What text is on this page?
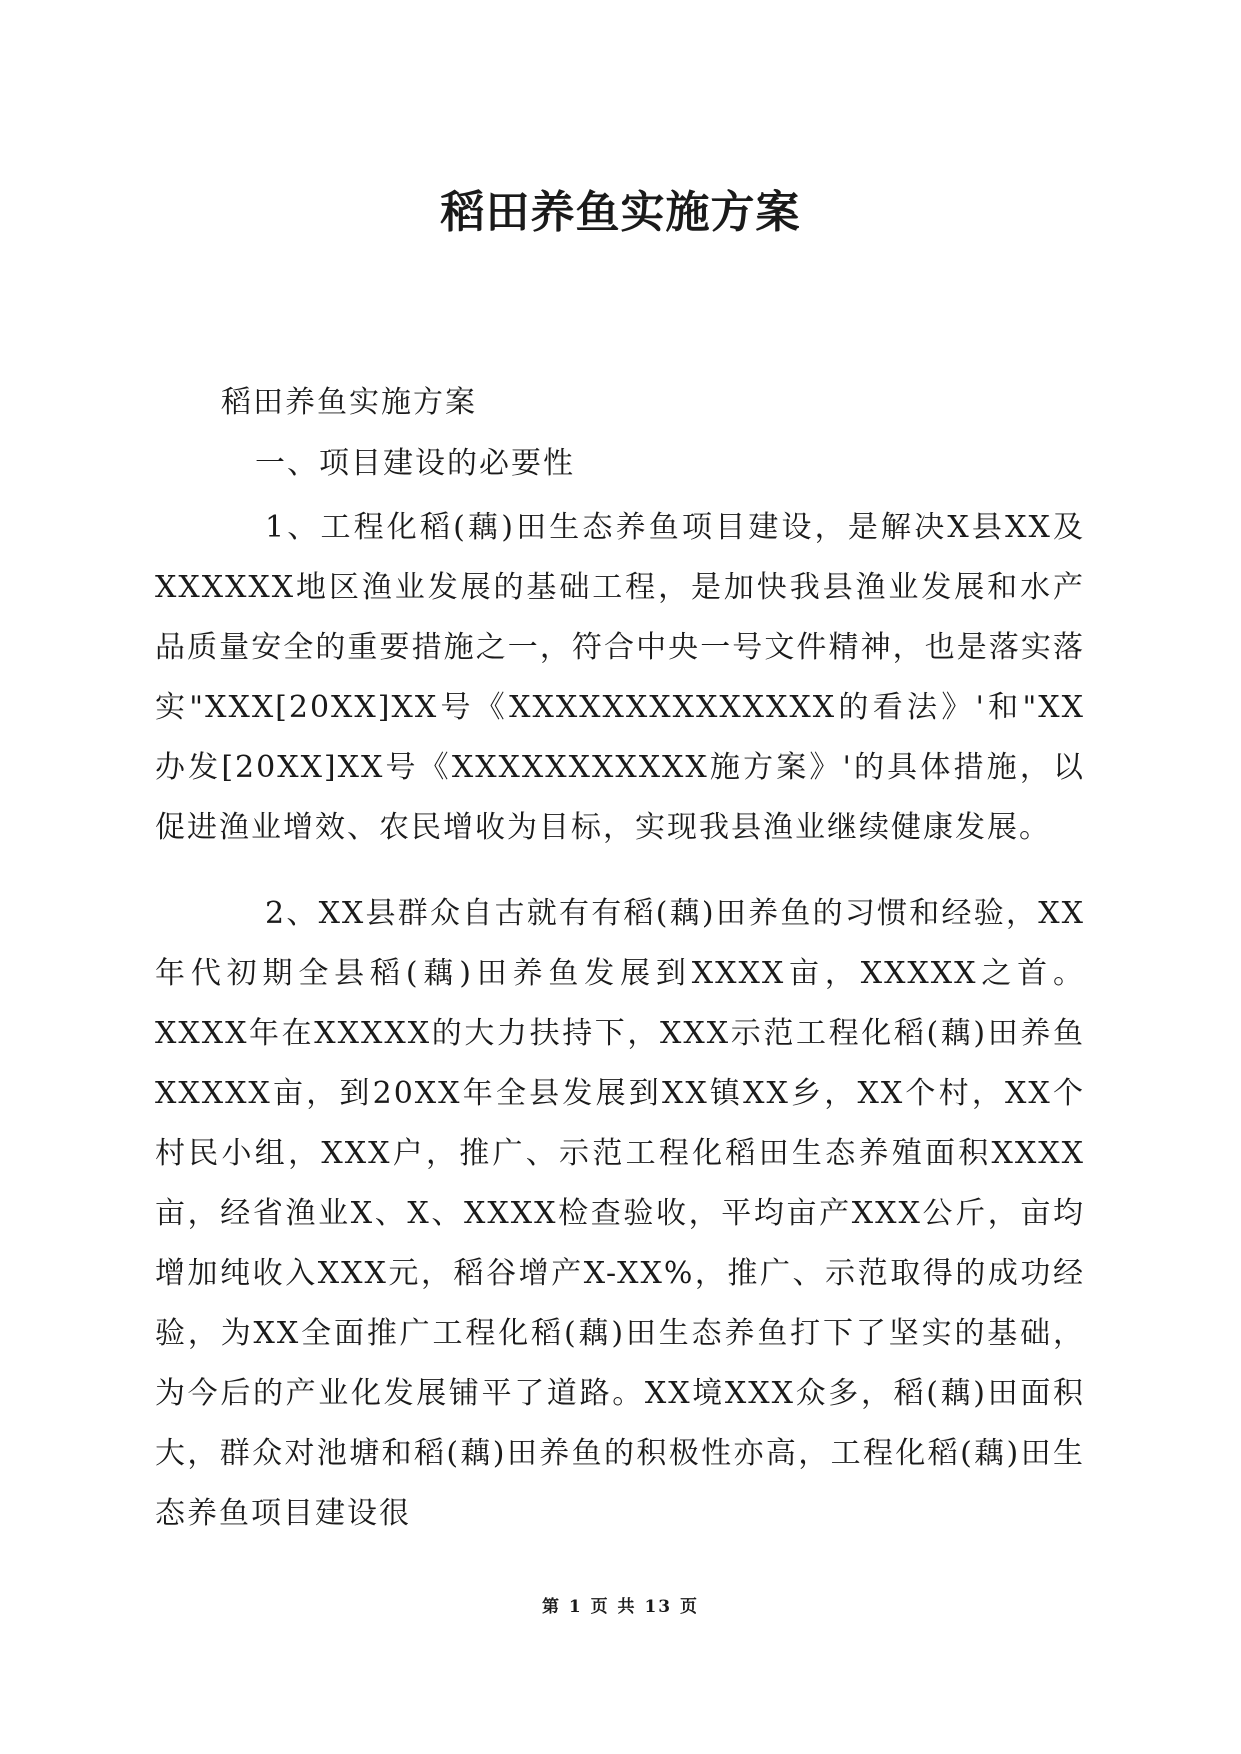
稻田养鱼实施方案

稻田养鱼实施方案

一、项目建设的必要性

1、工程化稻(藕)田生态养鱼项目建设，是解决X县XX及XXXXXX地区渔业发展的基础工程，是加快我县渔业发展和水产品质量安全的重要措施之一，符合中央一号文件精神，也是落实落实"XXX[20XX]XX号《XXXXXXXXXXXXXX的看法》'和"XX办发[20XX]XX号《XXXXXXXXXXX施方案》'的具体措施，以促进渔业增效、农民增收为目标，实现我县渔业继续健康发展。

2、XX县群众自古就有有稻(藕)田养鱼的习惯和经验，XX年代初期全县稻(藕)田养鱼发展到XXXX亩，XXXXX之首。XXXX年在XXXXX的大力扶持下，XXX示范工程化稻(藕)田养鱼XXXXX亩，到20XX年全县发展到XX镇XX乡，XX个村，XX个村民小组，XXX户，推广、示范工程化稻田生态养殖面积XXXX亩，经省渔业X、X、XXXX检查验收，平均亩产XXX公斤，亩均增加纯收入XXX元，稻谷增产X-XX%，推广、示范取得的成功经验，为XX全面推广工程化稻(藕)田生态养鱼打下了坚实的基础，为今后的产业化发展铺平了道路。XX境XXX众多，稻(藕)田面积大，群众对池塘和稻(藕)田养鱼的积极性亦高，工程化稻(藕)田生态养鱼项目建设很

第 1 页 共 13 页
